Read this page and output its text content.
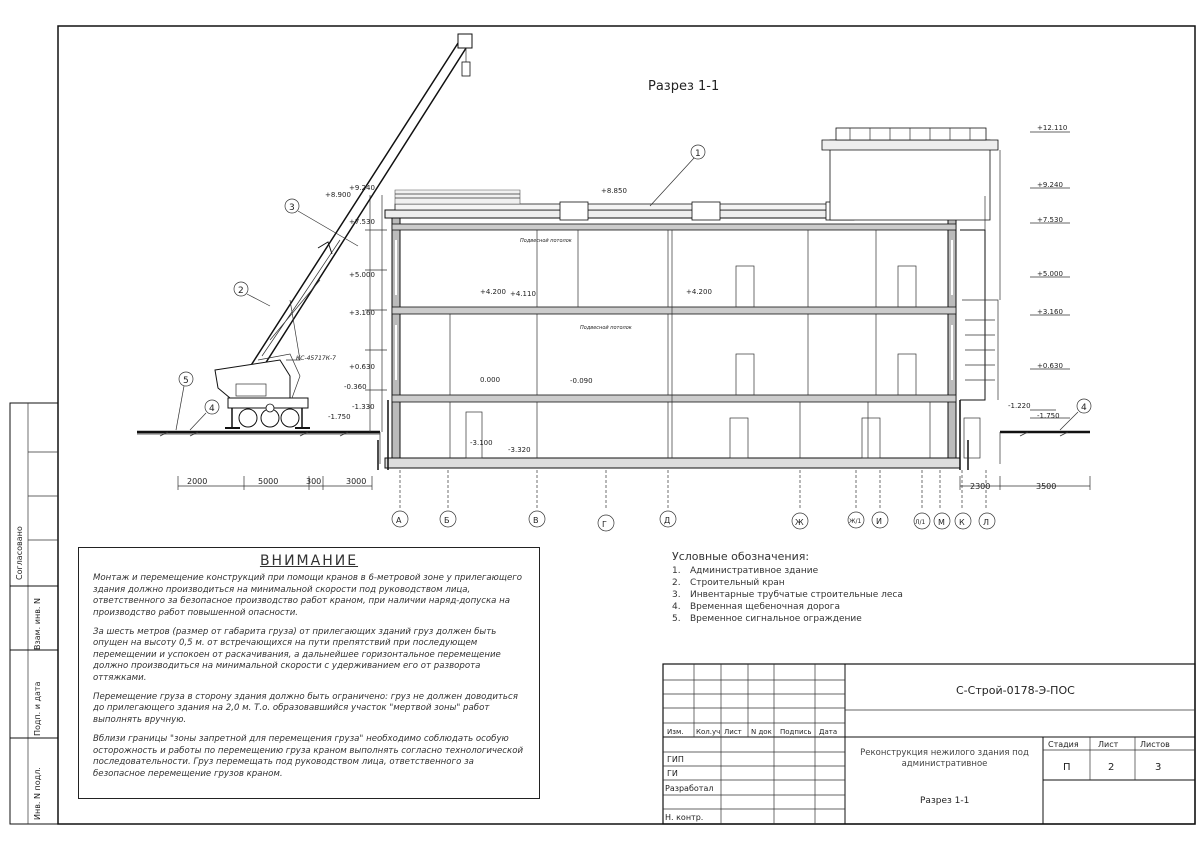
Согласовано
Взам. инв. N
Подп. и дата
Инв. N подл.
Разрез 1-1
КС-45717К-7
1
2
3
4
5
4
+12.110
+9.240
+7.530
+5.000
+3.160
+0.630
-1.220
-1.750
+8.900
+9.240
+7.530
+5.000
+3.160
+0.630
-0.360
-1.330
-1.750
+8.850
+4.200 +4.110	+4.200
0.000	-0.090
-3.100
-3.320
Подвесной потолок
Подвесной потолок
2000	5000	300	3000
2300	3500
А	Б	В	Г	Д	Ж	Ж/1 И	Л/1 М К Л
Изм. Кол.уч Лист N док Подпись Дата
ГИП
ГИ
Разработал
Н. контр.
С-Строй-0178-Э-ПОС
Стадия Лист	Листов
П	2	3
Разрез 1-1
Реконструкция нежилого здания под административное
ВНИМАНИЕ

Монтаж и перемещение конструкций при помощи кранов в 6-метровой зоне у прилегающего здания должно производиться на минимальной скорости под руководством лица, ответственного за безопасное производство работ краном, при наличии наряд-допуска на производство работ повышенной опасности.

За шесть метров (размер от габарита груза) от прилегающих зданий груз должен быть опущен на высоту 0,5 м. от встречающихся на пути препятствий при последующем перемещении и успокоен от раскачивания, а дальнейшее горизонтальное перемещение должно производиться на минимальной скорости с удерживанием его от разворота оттяжками.

Перемещение груза в сторону здания должно быть ограничено: груз не должен доводиться до прилегающего здания на 2,0 м. Т.о. образовавшийся участок "мертвой зоны" работ выполнять вручную.

Вблизи границы "зоны запретной для перемещения груза" необходимо соблюдать особую осторожность и работы по перемещению груза краном выполнять согласно технологической последовательности. Груз перемещать под руководством лица, ответственного за безопасное перемещение грузов краном.

Условные обозначения:
1. Административное здание
2. Строительный кран
3. Инвентарные трубчатые строительные леса
4. Временная щебеночная дорога
5. Временное сигнальное ограждение
